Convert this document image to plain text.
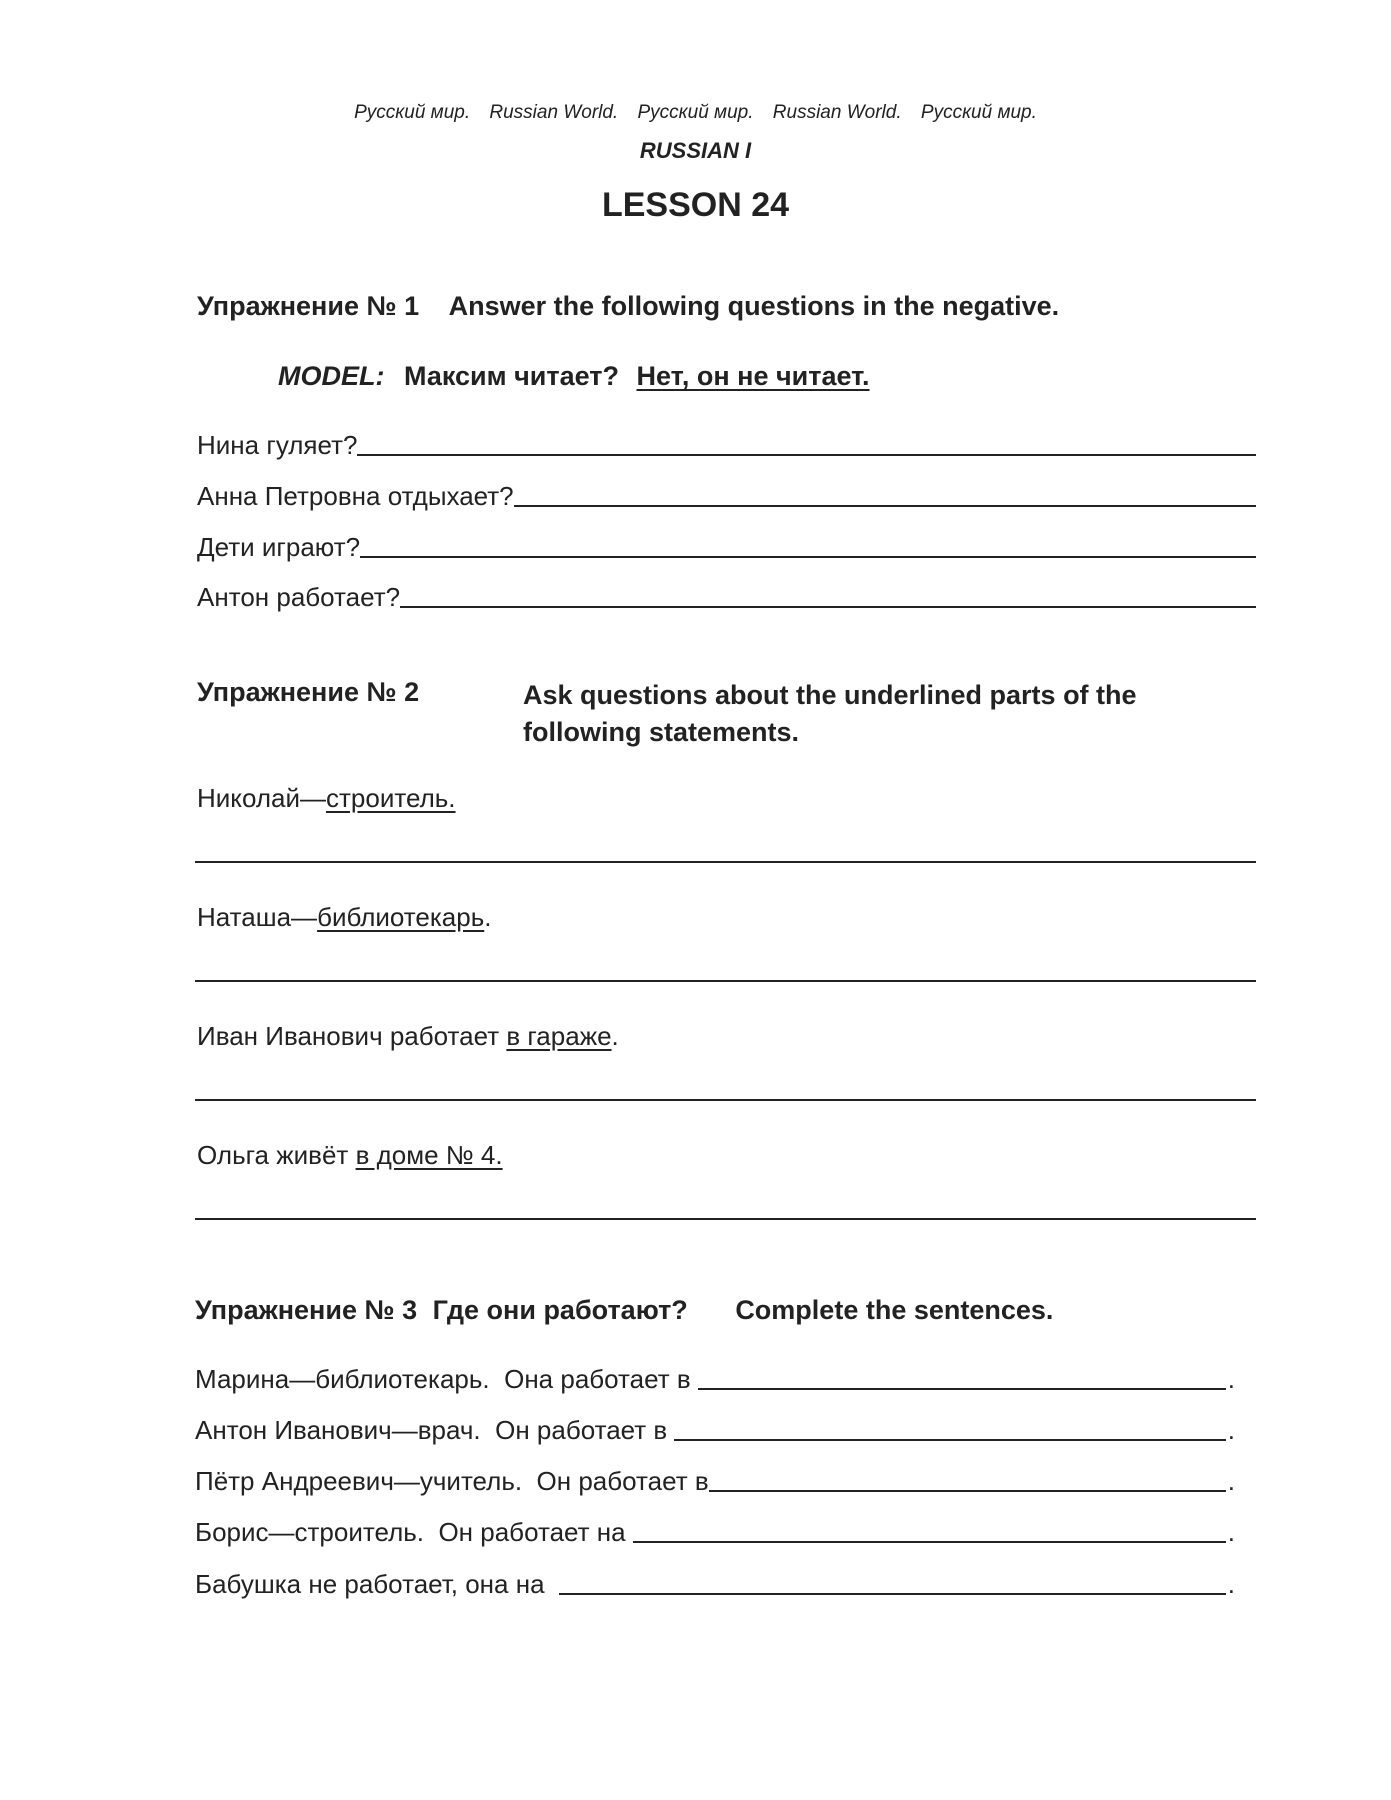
Русский мир. Russian World. Русский мир. Russian World. Русский мир.
RUSSIAN I
LESSON 24
Упражнение № 1 Answer the following questions in the negative.
MODEL: Максим читает? Нет, он не читает.
Нина гуляет?
Анна Петровна отдыхает?
Дети играют?
Антон работает?
Упражнение № 2	Ask questions about the underlined parts of the
following statements.
Николай— строитель.
Наташа— библиотекарь .
Иван Иванович работает в гараже .
Ольга живёт в доме № 4.
Упражнение № 3 Где они работают? Complete the sentences.
Марина—библиотекарь.  Она работает в	.
Антон Иванович—врач.  Он работает в	.
Пётр Андреевич—учитель.  Он работает в	.
Борис—строитель.  Он работает на	.
Бабушка не работает, она на	.
